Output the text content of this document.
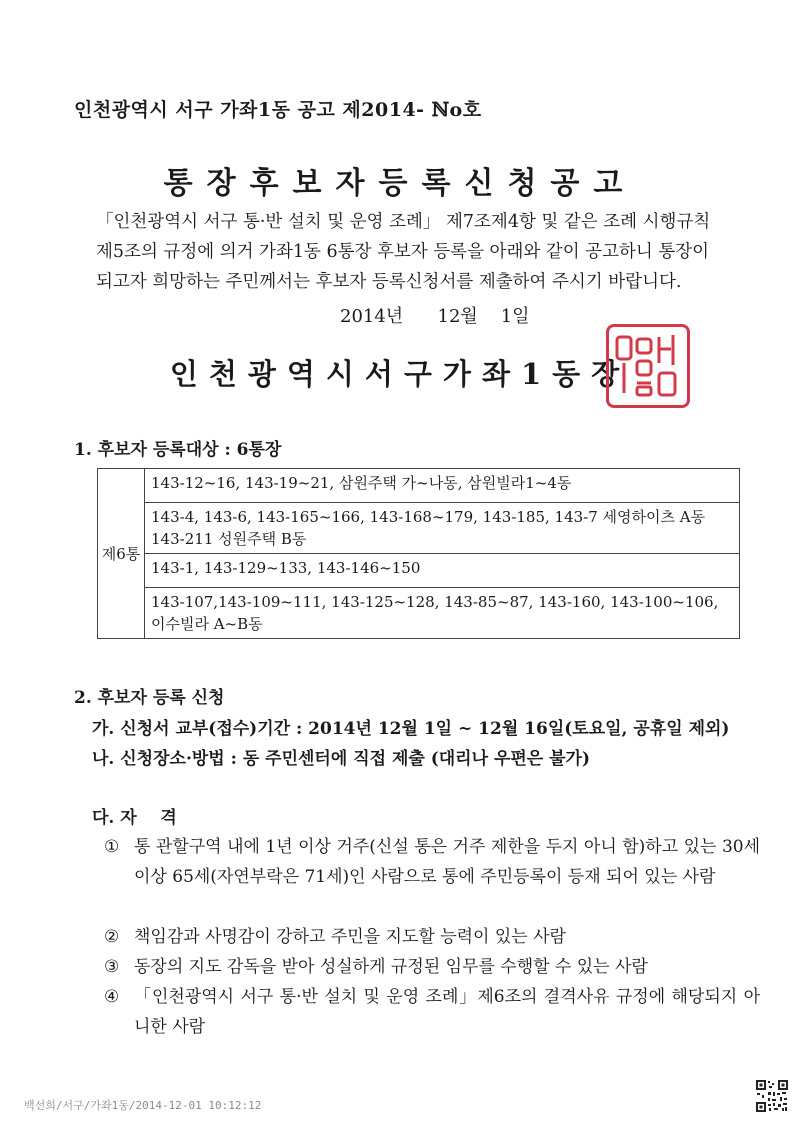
인천광역시 서구 가좌1동 공고 제2014- ℕo호
통장후보자등록신청공고

「인천광역시 서구 통·반 설치 및 운영 조례」 제7조제4항 및 같은 조례 시행규칙

제5조의 규정에 의거 가좌1동 6통장 후보자 등록을 아래와 같이 공고하니 통장이

되고자 희망하는 주민께서는 후보자 등록신청서를 제출하여 주시기 바랍니다.

2014년      12월    1일
인천광역시서구가좌1동장
1. 후보자 등록대상 : 6통장
제6통	143-12~16, 143-19~21, 삼원주택 가~나동, 삼원빌라1~4동
143-4, 143-6, 143-165~166, 143-168~179, 143-185, 143-7 세영하이츠 A동 143-211 성원주택 B동
143-1, 143-129~133, 143-146~150
143-107,143-109~111, 143-125~128, 143-85~87, 143-160, 143-100~106, 이수빌라 A~B동
2. 후보자 등록 신청
가. 신청서 교부(접수)기간 : 2014년 12월 1일 ~ 12월 16일(토요일, 공휴일 제외)
나. 신청장소·방법 : 동 주민센터에 직접 제출 (대리나 우편은 불가)
다. 자    격
① 통 관할구역 내에 1년 이상 거주(신설 통은 거주 제한을 두지 아니 함)하고 있는 30세 이상 65세(자연부락은 71세)인 사람으로 통에 주민등록이 등재 되어 있는 사람
② 책임감과 사명감이 강하고 주민을 지도할 능력이 있는 사람
③ 동장의 지도 감독을 받아 성실하게 규정된 임무를 수행할 수 있는 사람
④ 「인천광역시 서구 통·반 설치 및 운영 조례」제6조의 결격사유 규정에 해당되지 아니한 사람
백선희/서구/가좌1동/2014-12-01 10:12:12
